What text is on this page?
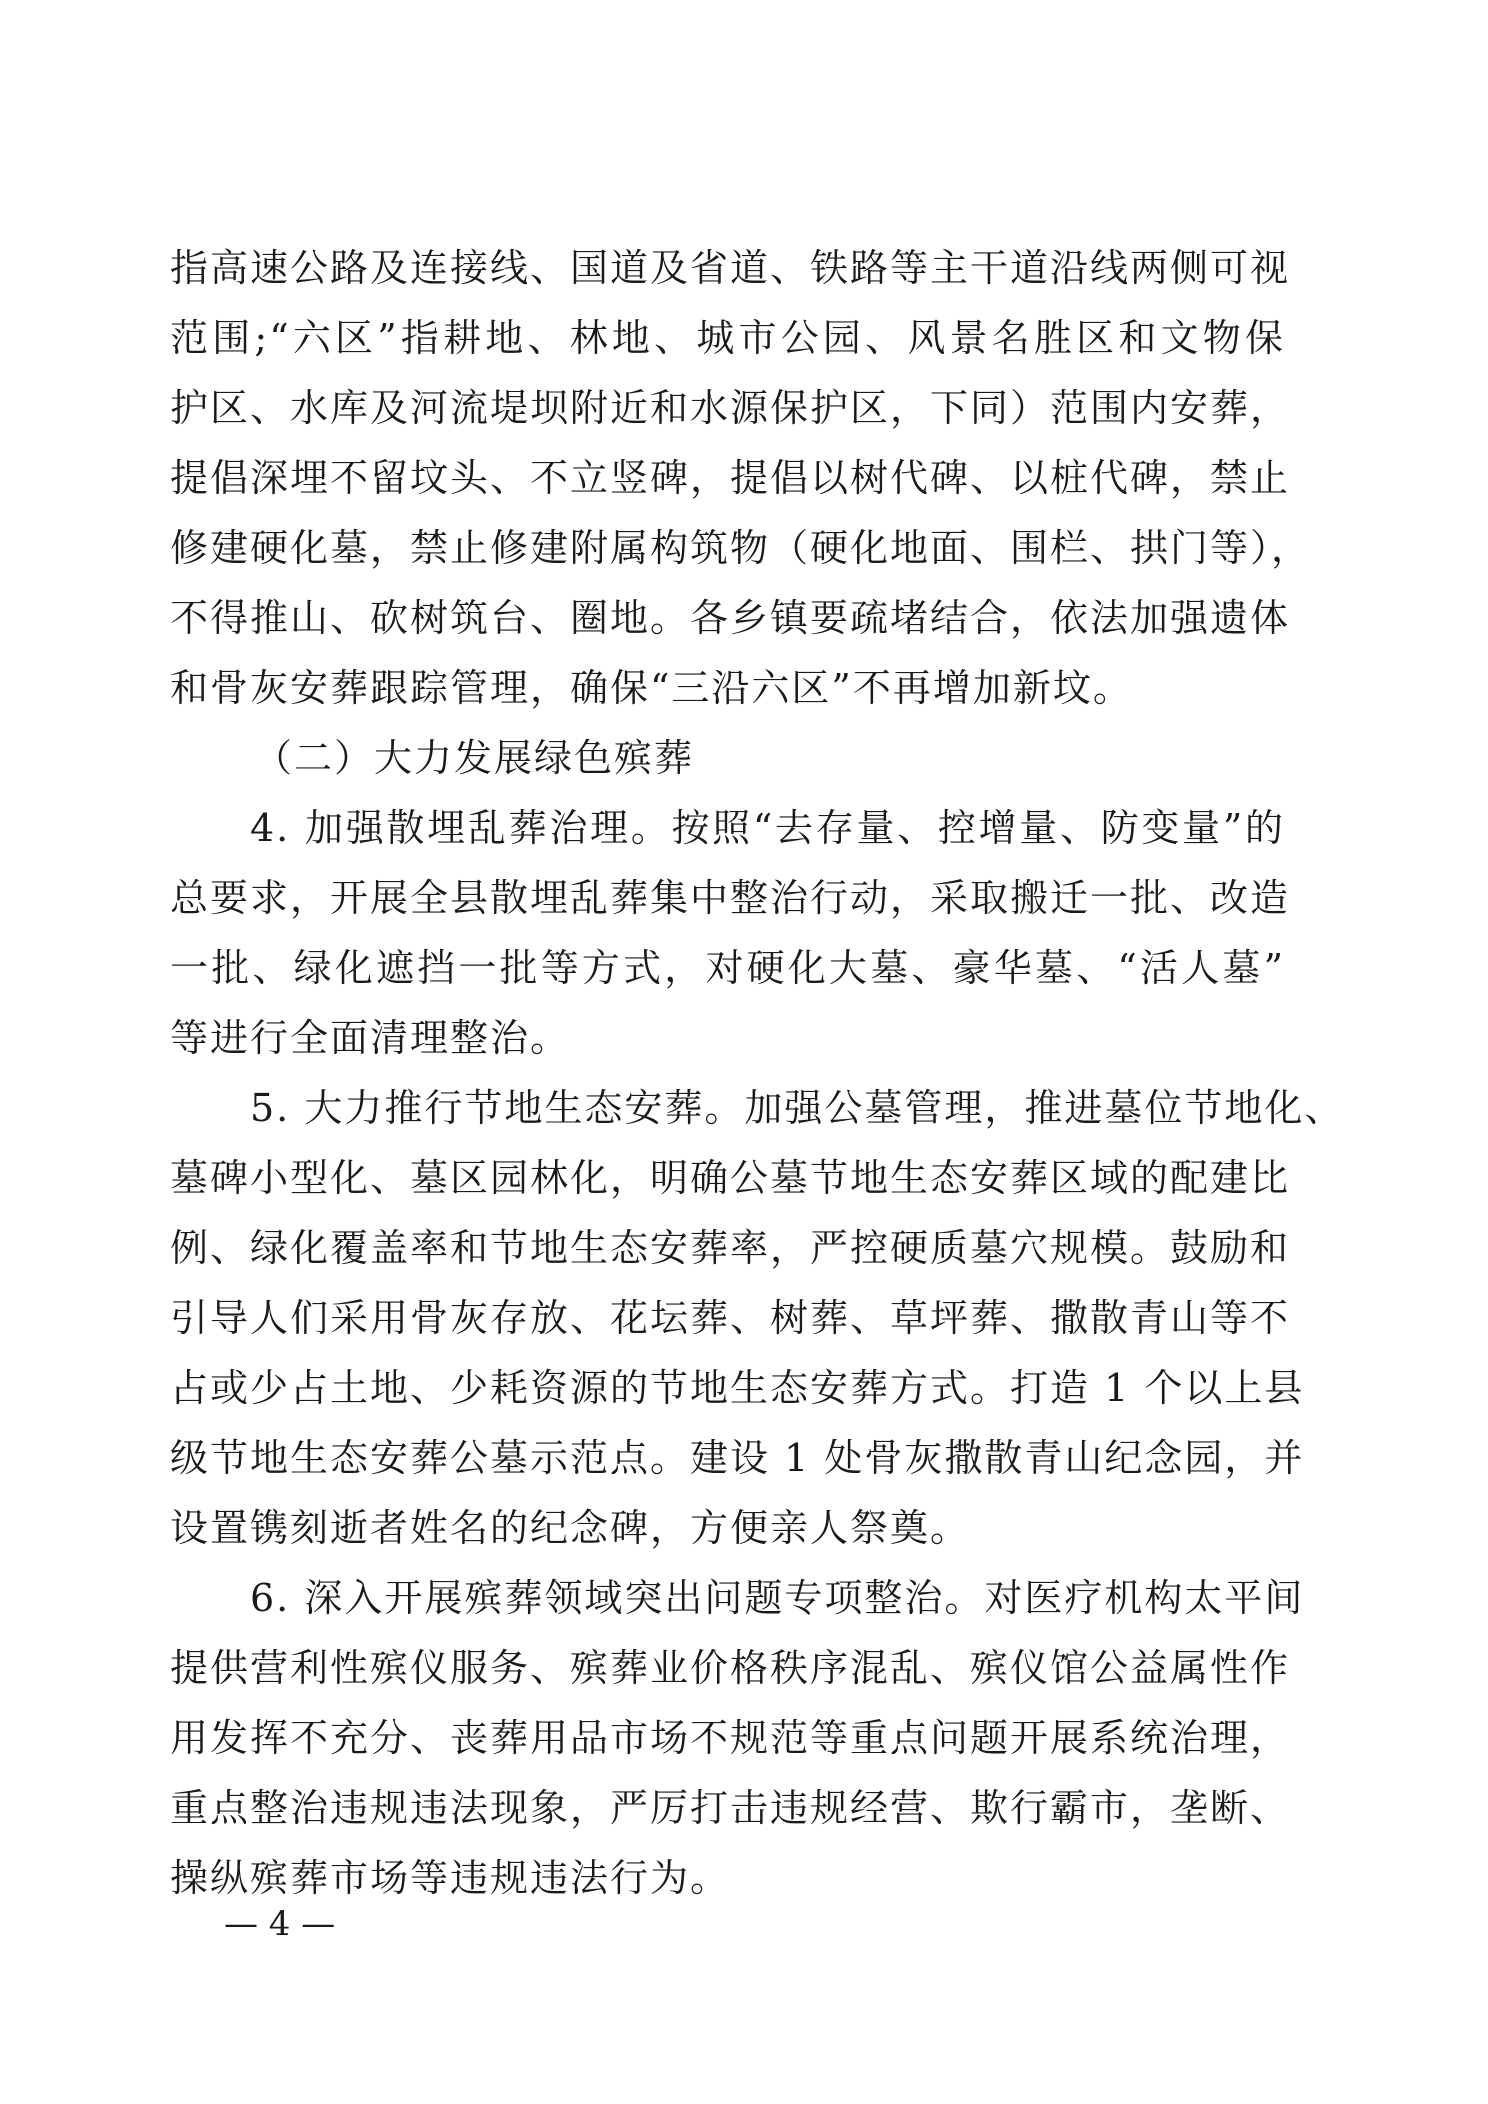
指高速公路及连接线、国道及省道、铁路等主干道沿线两侧可视
范围;“六区”指耕地、林地、城市公园、风景名胜区和文物保
护区、水库及河流堤坝附近和水源保护区，下同）范围内安葬，
提倡深埋不留坟头、不立竖碑，提倡以树代碑、以桩代碑，禁止
修建硬化墓，禁止修建附属构筑物（硬化地面、围栏、拱门等），
不得推山、砍树筑台、圈地。各乡镇要疏堵结合，依法加强遗体
和骨灰安葬跟踪管理，确保“三沿六区”不再增加新坟。
（二）大力发展绿色殡葬
4. 加强散埋乱葬治理。按照“去存量、控增量、防变量”的
总要求，开展全县散埋乱葬集中整治行动，采取搬迁一批、改造
一批、绿化遮挡一批等方式，对硬化大墓、豪华墓、“活人墓”
等进行全面清理整治。
5. 大力推行节地生态安葬。加强公墓管理，推进墓位节地化、
墓碑小型化、墓区园林化，明确公墓节地生态安葬区域的配建比
例、绿化覆盖率和节地生态安葬率，严控硬质墓穴规模。鼓励和
引导人们采用骨灰存放、花坛葬、树葬、草坪葬、撒散青山等不
占或少占土地、少耗资源的节地生态安葬方式。打造 1 个以上县
级节地生态安葬公墓示范点。建设 1 处骨灰撒散青山纪念园，并
设置镌刻逝者姓名的纪念碑，方便亲人祭奠。
6. 深入开展殡葬领域突出问题专项整治。对医疗机构太平间
提供营利性殡仪服务、殡葬业价格秩序混乱、殡仪馆公益属性作
用发挥不充分、丧葬用品市场不规范等重点问题开展系统治理，
重点整治违规违法现象，严厉打击违规经营、欺行霸市，垄断、
操纵殡葬市场等违规违法行为。
— 4 —
